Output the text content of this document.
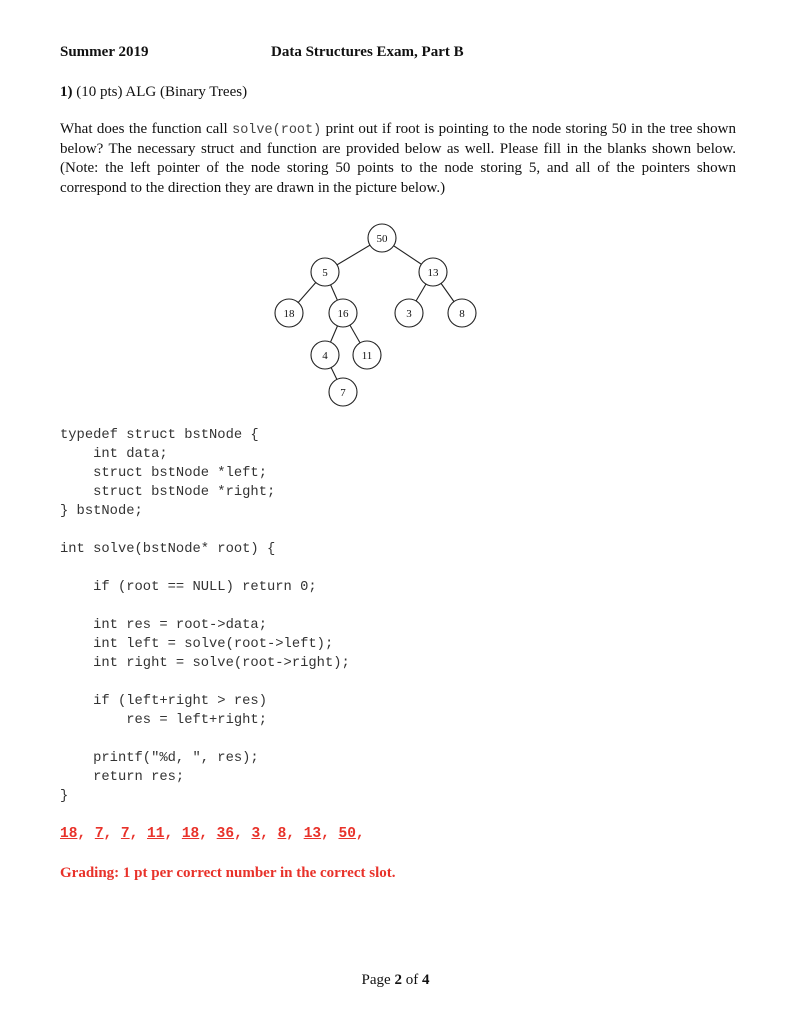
Summer 2019	Data Structures Exam, Part B
1) (10 pts) ALG (Binary Trees)
What does the function call solve(root) print out if root is pointing to the node storing 50 in the tree shown below? The necessary struct and function are provided below as well. Please fill in the blanks shown below. (Note: the left pointer of the node storing 50 points to the node storing 5, and all of the pointers shown correspond to the direction they are drawn in the picture below.)
50
5	13
18	16	3	8
4	11
7
typedef struct bstNode {
int data;
struct bstNode *left;
struct bstNode *right;
} bstNode;

int solve(bstNode* root) {

if (root == NULL) return 0;

int res = root->data;
int left = solve(root->left);
int right = solve(root->right);

if (left+right > res)
res = left+right;

printf("%d, ", res);
return res;
}
18, 7, 7, 11, 18, 36, 3, 8, 13, 50,
Grading: 1 pt per correct number in the correct slot.
Page 2 of 4
